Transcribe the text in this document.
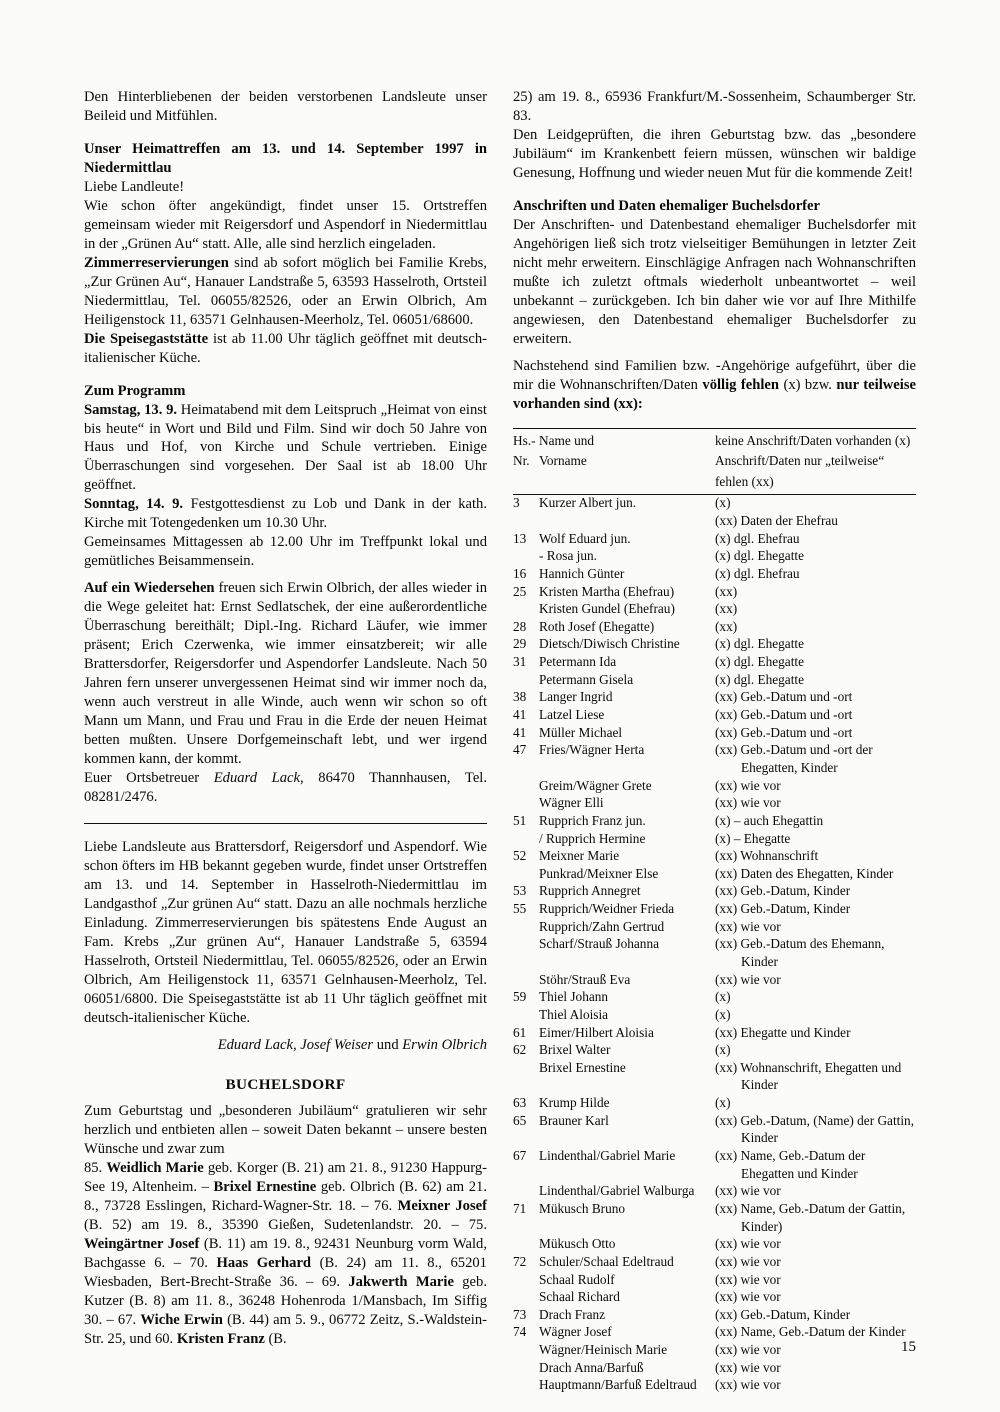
Den Hinterbliebenen der beiden verstorbenen Landsleute unser Beileid und Mitfühlen.

Unser Heimattreffen am 13. und 14. September 1997 in Niedermittlau

Liebe Landleute!

Wie schon öfter angekündigt, findet unser 15. Ortstreffen gemeinsam wieder mit Reigersdorf und Aspendorf in Niedermittlau in der „Grünen Au“ statt. Alle, alle sind herzlich eingeladen.

Zimmerreservierungen sind ab sofort möglich bei Familie Krebs, „Zur Grünen Au“, Hanauer Landstraße 5, 63593 Hasselroth, Ortsteil Niedermittlau, Tel. 06055/82526, oder an Erwin Olbrich, Am Heiligenstock 11, 63571 Gelnhausen-Meerholz, Tel. 06051/68600.

Die Speisegaststätte ist ab 11.00 Uhr täglich geöffnet mit deutsch-italienischer Küche.

Zum Programm

Samstag, 13. 9. Heimatabend mit dem Leitspruch „Heimat von einst bis heute“ in Wort und Bild und Film. Sind wir doch 50 Jahre von Haus und Hof, von Kirche und Schule vertrieben. Einige Überraschungen sind vorgesehen. Der Saal ist ab 18.00 Uhr geöffnet.

Sonntag, 14. 9. Festgottesdienst zu Lob und Dank in der kath. Kirche mit Totengedenken um 10.30 Uhr.

Gemeinsames Mittagessen ab 12.00 Uhr im Treffpunkt lokal und gemütliches Beisammensein.

Auf ein Wiedersehen freuen sich Erwin Olbrich, der alles wieder in die Wege geleitet hat: Ernst Sedlatschek, der eine außerordentliche Überraschung bereithält; Dipl.-Ing. Richard Läufer, wie immer präsent; Erich Czerwenka, wie immer einsatzbereit; wir alle Brattersdorfer, Reigersdorfer und Aspendorfer Landsleute. Nach 50 Jahren fern unserer unvergessenen Heimat sind wir immer noch da, wenn auch verstreut in alle Winde, auch wenn wir schon so oft Mann um Mann, und Frau und Frau in die Erde der neuen Heimat betten mußten. Unsere Dorfgemeinschaft lebt, und wer irgend kommen kann, der kommt.

Euer Ortsbetreuer Eduard Lack, 86470 Thannhausen, Tel. 08281/2476.

Liebe Landsleute aus Brattersdorf, Reigersdorf und Aspendorf. Wie schon öfters im HB bekannt gegeben wurde, findet unser Ortstreffen am 13. und 14. September in Hasselroth-Niedermittlau im Landgasthof „Zur grünen Au“ statt. Dazu an alle nochmals herzliche Einladung. Zimmerreservierungen bis spätestens Ende August an Fam. Krebs „Zur grünen Au“, Hanauer Landstraße 5, 63594 Hasselroth, Ortsteil Niedermittlau, Tel. 06055/82526, oder an Erwin Olbrich, Am Heiligenstock 11, 63571 Gelnhausen-Meerholz, Tel. 06051/6800. Die Speisegaststätte ist ab 11 Uhr täglich geöffnet mit deutsch-italienischer Küche.

Eduard Lack, Josef Weiser und Erwin Olbrich

BUCHELSDORF

Zum Geburtstag und „besonderen Jubiläum“ gratulieren wir sehr herzlich und entbieten allen – soweit Daten bekannt – unsere besten Wünsche und zwar zum

85. Weidlich Marie geb. Korger (B. 21) am 21. 8., 91230 Happurg-See 19, Altenheim. – Brixel Ernestine geb. Olbrich (B. 62) am 21. 8., 73728 Esslingen, Richard-Wagner-Str. 18. – 76. Meixner Josef (B. 52) am 19. 8., 35390 Gießen, Sudetenlandstr. 20. – 75. Weingärtner Josef (B. 11) am 19. 8., 92431 Neunburg vorm Wald, Bachgasse 6. – 70. Haas Gerhard (B. 24) am 11. 8., 65201 Wiesbaden, Bert-Brecht-Straße 36. – 69. Jakwerth Marie geb. Kutzer (B. 8) am 11. 8., 36248 Hohenroda 1/Mansbach, Im Siffig 30. – 67. Wiche Erwin (B. 44) am 5. 9., 06772 Zeitz, S.-Waldstein-Str. 25, und 60. Kristen Franz (B.

25) am 19. 8., 65936 Frankfurt/M.-Sossenheim, Schaumberger Str. 83.

Den Leidgeprüften, die ihren Geburtstag bzw. das „besondere Jubiläum“ im Krankenbett feiern müssen, wünschen wir baldige Genesung, Hoffnung und wieder neuen Mut für die kommende Zeit!

Anschriften und Daten ehemaliger Buchelsdorfer

Der Anschriften- und Datenbestand ehemaliger Buchelsdorfer mit Angehörigen ließ sich trotz vielseitiger Bemühungen in letzter Zeit nicht mehr erweitern. Einschlägige Anfragen nach Wohnanschriften mußte ich zuletzt oftmals wiederholt unbeantwortet – weil unbekannt – zurückgeben. Ich bin daher wie vor auf Ihre Mithilfe angewiesen, den Datenbestand ehemaliger Buchelsdorfer zu erweitern.

Nachstehend sind Familien bzw. -Angehörige aufgeführt, über die mir die Wohnanschriften/Daten völlig fehlen (x) bzw. nur teilweise vorhanden sind (xx):

Hs.-	Name und	keine Anschrift/Daten vorhanden (x)
Nr.	Vorname	Anschrift/Daten nur „teilweise“
		fehlen (xx)
3	Kurzer Albert jun.	(x)
		(xx) Daten der Ehefrau
13	Wolf Eduard jun.	(x) dgl. Ehefrau
	- Rosa jun.	(x) dgl. Ehegatte
16	Hannich Günter	(x) dgl. Ehefrau
25	Kristen Martha (Ehefrau)	(xx)
	Kristen Gundel (Ehefrau)	(xx)
28	Roth Josef (Ehegatte)	(xx)
29	Dietsch/Diwisch Christine	(x) dgl. Ehegatte
31	Petermann Ida	(x) dgl. Ehegatte
	Petermann Gisela	(x) dgl. Ehegatte
38	Langer Ingrid	(xx) Geb.-Datum und -ort
41	Latzel Liese	(xx) Geb.-Datum und -ort
41	Müller Michael	(xx) Geb.-Datum und -ort
47	Fries/Wägner Herta	(xx) Geb.-Datum und -ort der
		Ehegatten, Kinder
	Greim/Wägner Grete	(xx) wie vor
	Wägner Elli	(xx) wie vor
51	Rupprich Franz jun.	(x) – auch Ehegattin
	/ Rupprich Hermine	(x) – Ehegatte
52	Meixner Marie	(xx) Wohnanschrift
	Punkrad/Meixner Else	(xx) Daten des Ehegatten, Kinder
53	Rupprich Annegret	(xx) Geb.-Datum, Kinder
55	Rupprich/Weidner Frieda	(xx) Geb.-Datum, Kinder
	Rupprich/Zahn Gertrud	(xx) wie vor
	Scharf/Strauß Johanna	(xx) Geb.-Datum des Ehemann,
		Kinder
	Stöhr/Strauß Eva	(xx) wie vor
59	Thiel Johann	(x)
	Thiel Aloisia	(x)
61	Eimer/Hilbert Aloisia	(xx) Ehegatte und Kinder
62	Brixel Walter	(x)
	Brixel Ernestine	(xx) Wohnanschrift, Ehegatten und
		Kinder
63	Krump Hilde	(x)
65	Brauner Karl	(xx) Geb.-Datum, (Name) der Gattin,
		Kinder
67	Lindenthal/Gabriel Marie	(xx) Name, Geb.-Datum der
		Ehegatten und Kinder
	Lindenthal/Gabriel Walburga	(xx) wie vor
71	Mükusch Bruno	(xx) Name, Geb.-Datum der Gattin,
		Kinder)
	Mükusch Otto	(xx) wie vor
72	Schuler/Schaal Edeltraud	(xx) wie vor
	Schaal Rudolf	(xx) wie vor
	Schaal Richard	(xx) wie vor
73	Drach Franz	(xx) Geb.-Datum, Kinder
74	Wägner Josef	(xx) Name, Geb.-Datum der Kinder
	Wägner/Heinisch Marie	(xx) wie vor
	Drach Anna/Barfuß	(xx) wie vor
	Hauptmann/Barfuß Edeltraud	(xx) wie vor
15
